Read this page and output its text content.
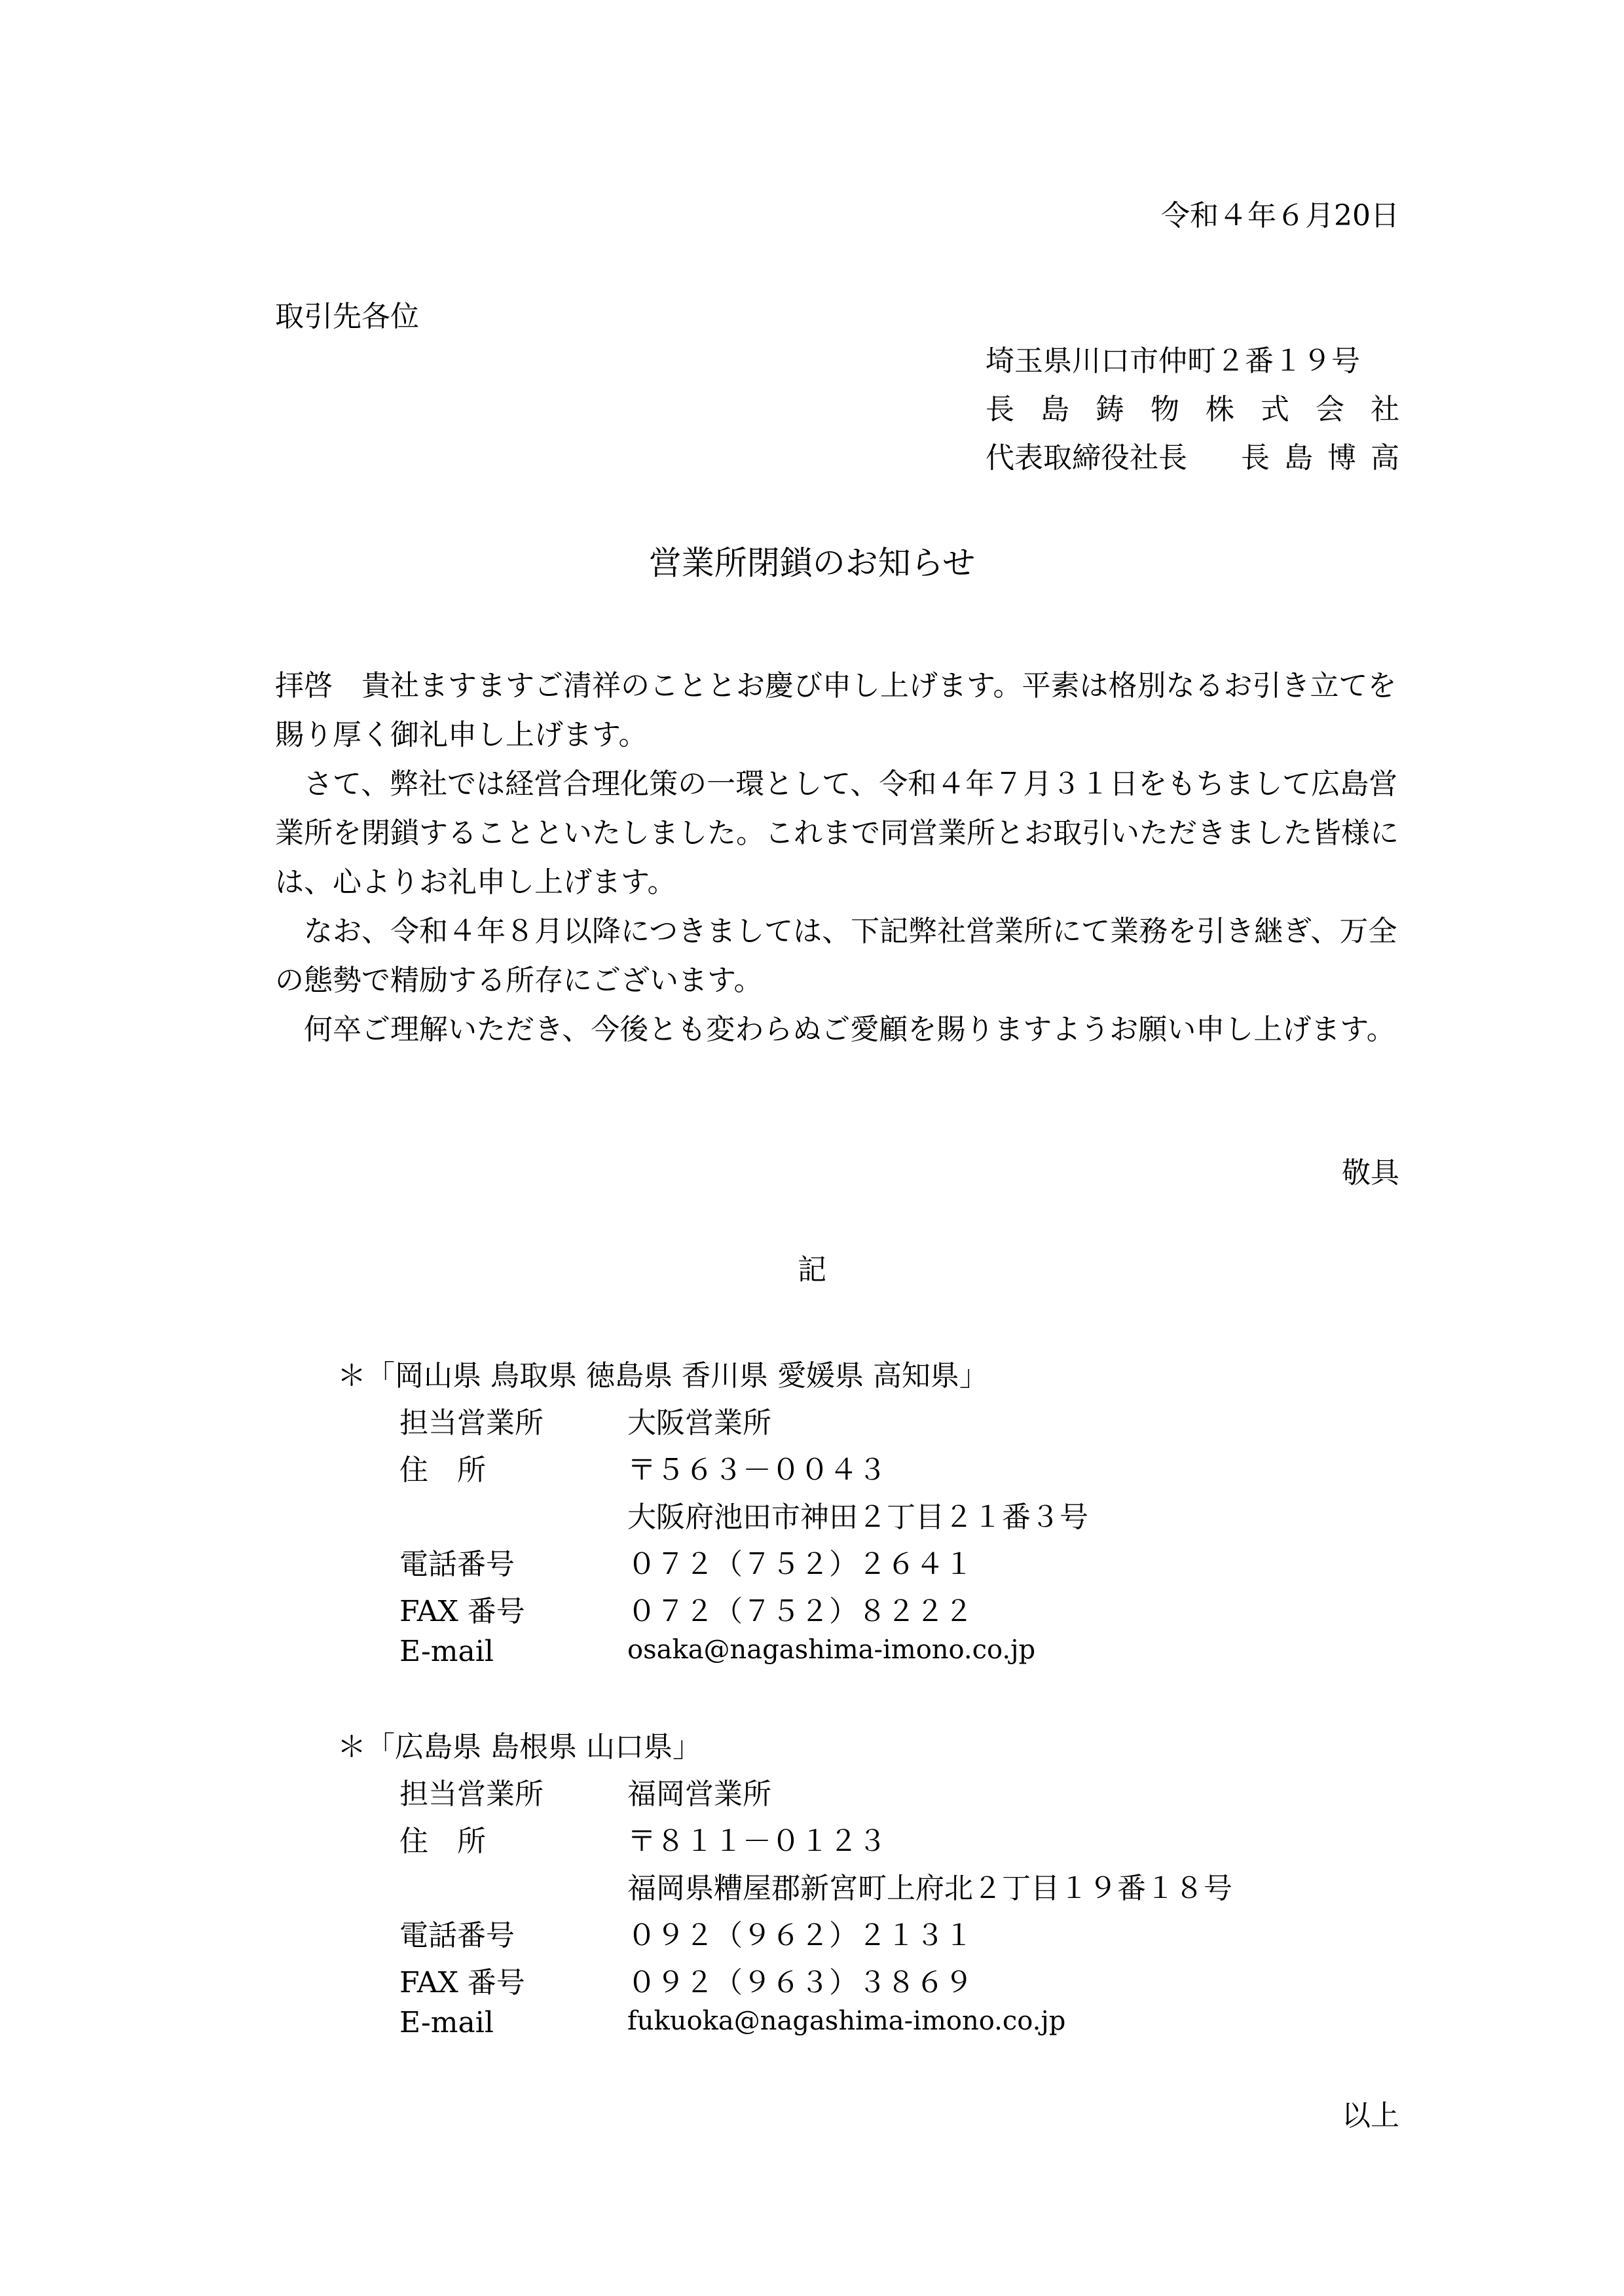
令和４年６月20日
取引先各位
埼玉県川口市仲町２番１９号
長 島 鋳 物 株 式 会 社
代表取締役社長 長 島 博 高
営業所閉鎖のお知らせ

拝啓　貴社ますますご清祥のこととお慶び申し上げます。平素は格別なるお引き立てを賜り厚く御礼申し上げます。

　さて、弊社では経営合理化策の一環として、令和４年７月３１日をもちまして広島営業所を閉鎖することといたしました。これまで同営業所とお取引いただきました皆様には、心よりお礼申し上げます。

　なお、令和４年８月以降につきましては、下記弊社営業所にて業務を引き継ぎ、万全の態勢で精励する所存にございます。

　何卒ご理解いただき、今後とも変わらぬご愛顧を賜りますようお願い申し上げます。

敬具
記
＊「岡山県 鳥取県 徳島県 香川県 愛媛県 高知県」
担当営業所	大阪営業所
住　所	〒５６３－００４３
大阪府池田市神田２丁目２１番３号
電話番号	０７２（７５２）２６４１
FAX 番号	０７２（７５２）８２２２
E-mail	osaka@nagashima-imono.co.jp
＊「広島県 島根県 山口県」
担当営業所	福岡営業所
住　所	〒８１１－０１２３
福岡県糟屋郡新宮町上府北２丁目１９番１８号
電話番号	０９２（９６２）２１３１
FAX 番号	０９２（９６３）３８６９
E-mail	fukuoka@nagashima-imono.co.jp
以上
